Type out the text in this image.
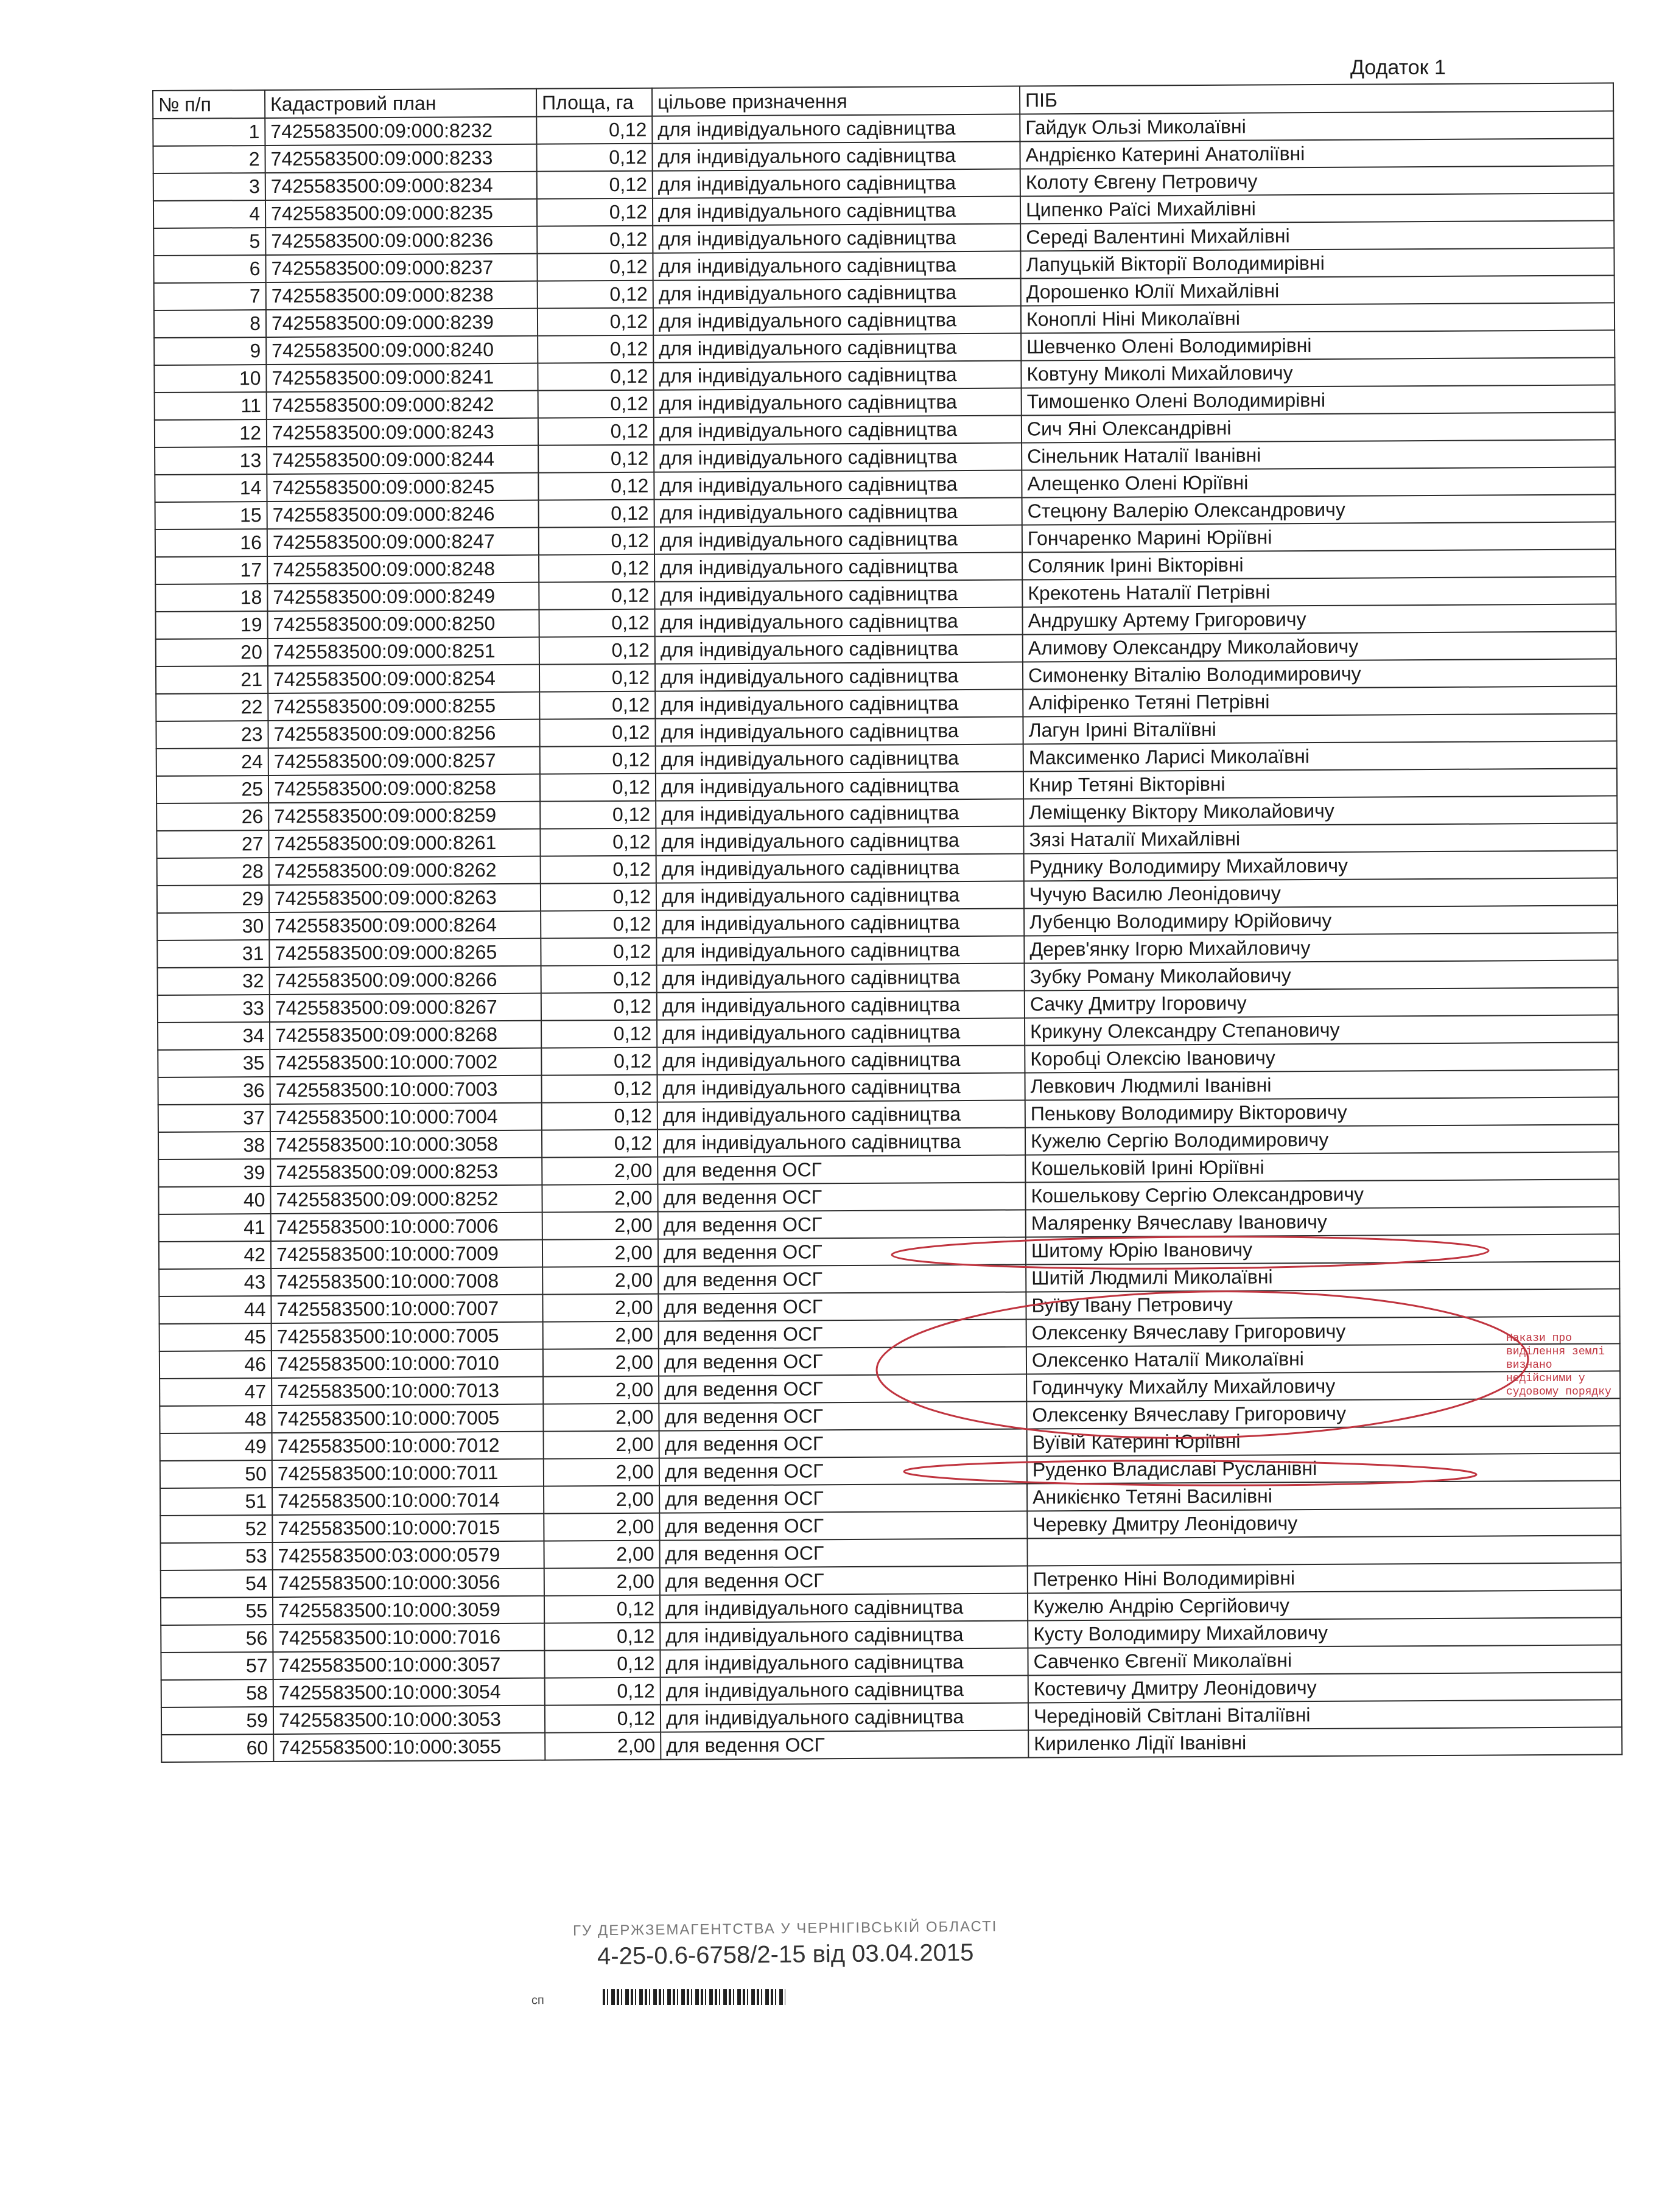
Додаток 1
№ п/п	Кадастровий план	Площа, га	цільове призначення	ПІБ
1	7425583500:09:000:8232	0,12	для індивідуального садівництва	Гайдук Ользі Миколаївні
2	7425583500:09:000:8233	0,12	для індивідуального садівництва	Андрієнко Катерині Анатоліївні
3	7425583500:09:000:8234	0,12	для індивідуального садівництва	Колоту Євгену Петровичу
4	7425583500:09:000:8235	0,12	для індивідуального садівництва	Ципенко Раїсі Михайлівні
5	7425583500:09:000:8236	0,12	для індивідуального садівництва	Середі Валентині Михайлівні
6	7425583500:09:000:8237	0,12	для індивідуального садівництва	Лапуцькій Вікторії Володимирівні
7	7425583500:09:000:8238	0,12	для індивідуального садівництва	Дорошенко Юлії Михайлівні
8	7425583500:09:000:8239	0,12	для індивідуального садівництва	Коноплі Ніні Миколаївні
9	7425583500:09:000:8240	0,12	для індивідуального садівництва	Шевченко Олені Володимирівні
10	7425583500:09:000:8241	0,12	для індивідуального садівництва	Ковтуну Миколі Михайловичу
11	7425583500:09:000:8242	0,12	для індивідуального садівництва	Тимошенко Олені Володимирівні
12	7425583500:09:000:8243	0,12	для індивідуального садівництва	Сич Яні Олександрівні
13	7425583500:09:000:8244	0,12	для індивідуального садівництва	Сінельник Наталії Іванівні
14	7425583500:09:000:8245	0,12	для індивідуального садівництва	Алещенко Олені Юріївні
15	7425583500:09:000:8246	0,12	для індивідуального садівництва	Стецюну Валерію Олександровичу
16	7425583500:09:000:8247	0,12	для індивідуального садівництва	Гончаренко Марині Юріївні
17	7425583500:09:000:8248	0,12	для індивідуального садівництва	Соляник Ірині Вікторівні
18	7425583500:09:000:8249	0,12	для індивідуального садівництва	Крекотень Наталії Петрівні
19	7425583500:09:000:8250	0,12	для індивідуального садівництва	Андрушку Артему Григоровичу
20	7425583500:09:000:8251	0,12	для індивідуального садівництва	Алимову Олександру Миколайовичу
21	7425583500:09:000:8254	0,12	для індивідуального садівництва	Симоненку Віталію Володимировичу
22	7425583500:09:000:8255	0,12	для індивідуального садівництва	Аліфіренко Тетяні Петрівні
23	7425583500:09:000:8256	0,12	для індивідуального садівництва	Лагун Ірині Віталіївні
24	7425583500:09:000:8257	0,12	для індивідуального садівництва	Максименко Ларисі Миколаївні
25	7425583500:09:000:8258	0,12	для індивідуального садівництва	Книр Тетяні Вікторівні
26	7425583500:09:000:8259	0,12	для індивідуального садівництва	Леміщенку Віктору Миколайовичу
27	7425583500:09:000:8261	0,12	для індивідуального садівництва	Зязі Наталії Михайлівні
28	7425583500:09:000:8262	0,12	для індивідуального садівництва	Руднику Володимиру Михайловичу
29	7425583500:09:000:8263	0,12	для індивідуального садівництва	Чучую Василю Леонідовичу
30	7425583500:09:000:8264	0,12	для індивідуального садівництва	Лубенцю Володимиру Юрійовичу
31	7425583500:09:000:8265	0,12	для індивідуального садівництва	Дерев'янку Ігорю Михайловичу
32	7425583500:09:000:8266	0,12	для індивідуального садівництва	Зубку Роману Миколайовичу
33	7425583500:09:000:8267	0,12	для індивідуального садівництва	Сачку Дмитру Ігоровичу
34	7425583500:09:000:8268	0,12	для індивідуального садівництва	Крикуну Олександру Степановичу
35	7425583500:10:000:7002	0,12	для індивідуального садівництва	Коробці Олексію Івановичу
36	7425583500:10:000:7003	0,12	для індивідуального садівництва	Левкович Людмилі Іванівні
37	7425583500:10:000:7004	0,12	для індивідуального садівництва	Пенькову Володимиру Вікторовичу
38	7425583500:10:000:3058	0,12	для індивідуального садівництва	Кужелю Сергію Володимировичу
39	7425583500:09:000:8253	2,00	для ведення ОСГ	Кошельковій Ірині Юріївні
40	7425583500:09:000:8252	2,00	для ведення ОСГ	Кошелькову Сергію Олександровичу
41	7425583500:10:000:7006	2,00	для ведення ОСГ	Маляренку Вячеславу Івановичу
42	7425583500:10:000:7009	2,00	для ведення ОСГ	Шитому Юрію Івановичу
43	7425583500:10:000:7008	2,00	для ведення ОСГ	Шитій Людмилі Миколаївні
44	7425583500:10:000:7007	2,00	для ведення ОСГ	Вуїву Івану Петровичу
45	7425583500:10:000:7005	2,00	для ведення ОСГ	Олексенку Вячеславу Григоровичу
46	7425583500:10:000:7010	2,00	для ведення ОСГ	Олексенко Наталії Миколаївні
47	7425583500:10:000:7013	2,00	для ведення ОСГ	Годинчуку Михайлу Михайловичу
48	7425583500:10:000:7005	2,00	для ведення ОСГ	Олексенку Вячеславу Григоровичу
49	7425583500:10:000:7012	2,00	для ведення ОСГ	Вуївій Катерині Юріївні
50	7425583500:10:000:7011	2,00	для ведення ОСГ	Руденко Владиславі Русланівні
51	7425583500:10:000:7014	2,00	для ведення ОСГ	Аникієнко Тетяні Василівні
52	7425583500:10:000:7015	2,00	для ведення ОСГ	Черевку Дмитру Леонідовичу
53	7425583500:03:000:0579	2,00	для ведення ОСГ	
54	7425583500:10:000:3056	2,00	для ведення ОСГ	Петренко Ніні Володимирівні
55	7425583500:10:000:3059	0,12	для індивідуального садівництва	Кужелю Андрію Сергійовичу
56	7425583500:10:000:7016	0,12	для індивідуального садівництва	Кусту Володимиру Михайловичу
57	7425583500:10:000:3057	0,12	для індивідуального садівництва	Савченко Євгенії Миколаївні
58	7425583500:10:000:3054	0,12	для індивідуального садівництва	Костевичу Дмитру Леонідовичу
59	7425583500:10:000:3053	0,12	для індивідуального садівництва	Чередіновій Світлані Віталіївні
60	7425583500:10:000:3055	2,00	для ведення ОСГ	Кириленко Лідії Іванівні
Накази про
виділення землі
визнано
недійсними у
судовому порядку
ГУ ДЕРЖЗЕМАГЕНТСТВА У ЧЕРНІГІВСЬКІЙ ОБЛАСТІ
4-25-0.6-6758/2-15 від 03.04.2015
сп
